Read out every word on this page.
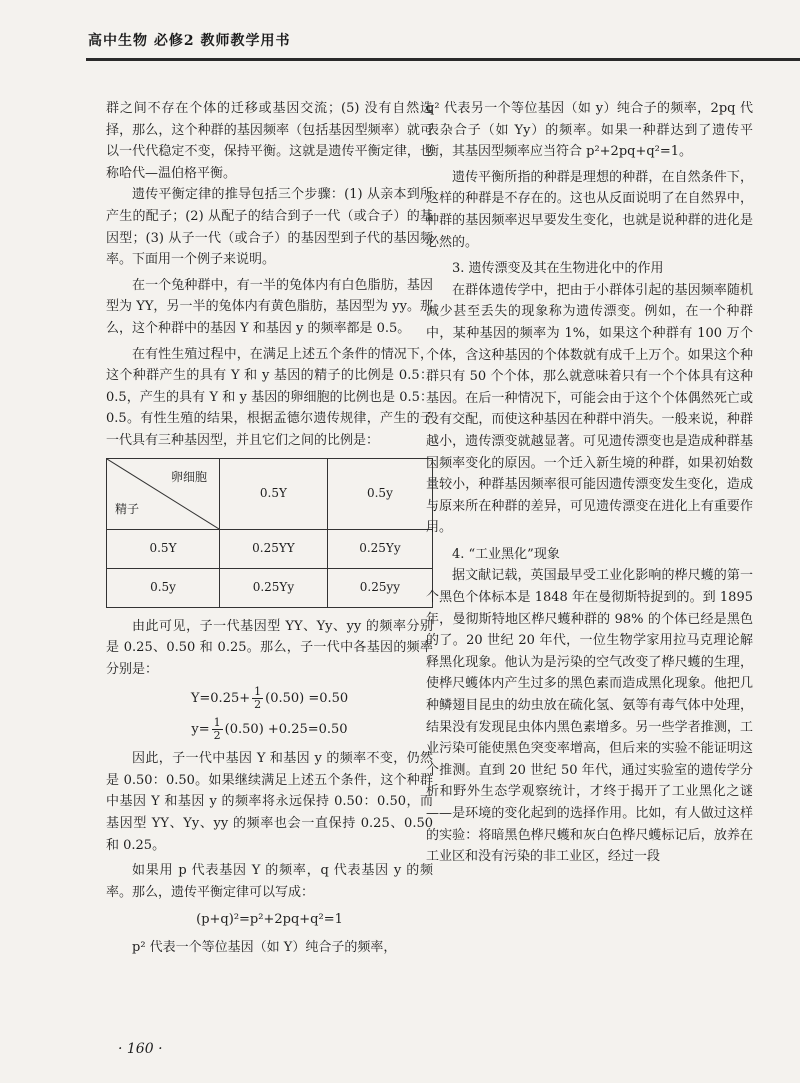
高中生物 必修2 教师教学用书

群之间不存在个体的迁移或基因交流；(5) 没有自然选择，那么，这个种群的基因频率（包括基因型频率）就可以一代代稳定不变，保持平衡。这就是遗传平衡定律，也称哈代—温伯格平衡。

遗传平衡定律的推导包括三个步骤：(1) 从亲本到所产生的配子；(2) 从配子的结合到子一代（或合子）的基因型；(3) 从子一代（或合子）的基因型到子代的基因频率。下面用一个例子来说明。

在一个兔种群中，有一半的兔体内有白色脂肪，基因型为 YY，另一半的兔体内有黄色脂肪，基因型为 yy。那么，这个种群中的基因 Y 和基因 y 的频率都是 0.5。

在有性生殖过程中，在满足上述五个条件的情况下，这个种群产生的具有 Y 和 y 基因的精子的比例是 0.5：0.5，产生的具有 Y 和 y 基因的卵细胞的比例也是 0.5：0.5。有性生殖的结果，根据孟德尔遗传规律，产生的子一代具有三种基因型，并且它们之间的比例是：

卵细胞
精子	0.5Y	0.5y
0.5Y	0.25YY	0.25Yy
0.5y	0.25Yy	0.25yy

由此可见，子一代基因型 YY、Yy、yy 的频率分别是 0.25、0.50 和 0.25。那么，子一代中各基因的频率分别是：

$Y=0.25+ \frac{1}{2} (0.50) =0.50$
$y= \frac{1}{2} (0.50) +0.25=0.50$

因此，子一代中基因 Y 和基因 y 的频率不变，仍然是 0.50：0.50。如果继续满足上述五个条件，这个种群中基因 Y 和基因 y 的频率将永远保持 0.50：0.50，而基因型 YY、Yy、yy 的频率也会一直保持 0.25、0.50 和 0.25。

如果用 p 代表基因 Y 的频率，q 代表基因 y 的频率。那么，遗传平衡定律可以写成：

(p+q)²=p²+2pq+q²=1

p² 代表一个等位基因（如 Y）纯合子的频率，

q² 代表另一个等位基因（如 y）纯合子的频率，2pq 代表杂合子（如 Yy）的频率。如果一种群达到了遗传平衡，其基因型频率应当符合 p²+2pq+q²=1。

遗传平衡所指的种群是理想的种群，在自然条件下，这样的种群是不存在的。这也从反面说明了在自然界中，种群的基因频率迟早要发生变化，也就是说种群的进化是必然的。

3. 遗传漂变及其在生物进化中的作用

在群体遗传学中，把由于小群体引起的基因频率随机减少甚至丢失的现象称为遗传漂变。例如，在一个种群中，某种基因的频率为 1%，如果这个种群有 100 万个个体，含这种基因的个体数就有成千上万个。如果这个种群只有 50 个个体，那么就意味着只有一个个体具有这种基因。在后一种情况下，可能会由于这个个体偶然死亡或没有交配，而使这种基因在种群中消失。一般来说，种群越小，遗传漂变就越显著。可见遗传漂变也是造成种群基因频率变化的原因。一个迁入新生境的种群，如果初始数量较小，种群基因频率很可能因遗传漂变发生变化，造成与原来所在种群的差异，可见遗传漂变在进化上有重要作用。

4. “工业黑化”现象

据文献记载，英国最早受工业化影响的桦尺蠖的第一个黑色个体标本是 1848 年在曼彻斯特捉到的。到 1895 年，曼彻斯特地区桦尺蠖种群的 98% 的个体已经是黑色的了。20 世纪 20 年代，一位生物学家用拉马克理论解释黑化现象。他认为是污染的空气改变了桦尺蠖的生理，使桦尺蠖体内产生过多的黑色素而造成黑化现象。他把几种鳞翅目昆虫的幼虫放在硫化氢、氨等有毒气体中处理，结果没有发现昆虫体内黑色素增多。另一些学者推测，工业污染可能使黑色突变率增高，但后来的实验不能证明这个推测。直到 20 世纪 50 年代，通过实验室的遗传学分析和野外生态学观察统计，才终于揭开了工业黑化之谜——是环境的变化起到的选择作用。比如，有人做过这样的实验：将暗黑色桦尺蠖和灰白色桦尺蠖标记后，放养在工业区和没有污染的非工业区，经过一段

· 160 ·
